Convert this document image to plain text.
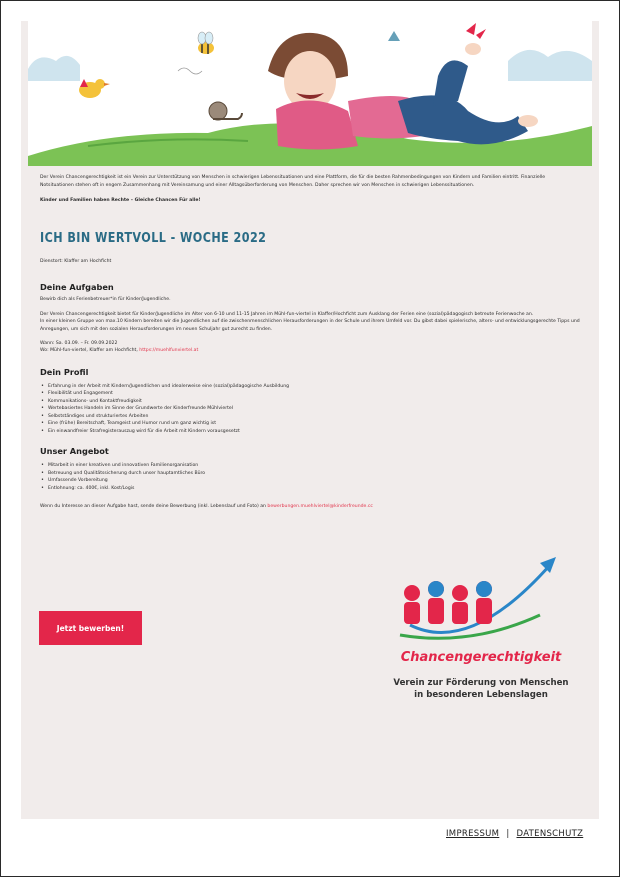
Der Verein Chancengerechtigkeit ist ein Verein zur Unterstützung von Menschen in schwierigen Lebenssituationen und eine Plattform, die für die besten Rahmenbedingungen von Kindern und Familien eintritt. Finanzielle Notsituationen stehen oft in engem Zusammenhang mit Vereinsamung und einer Alltagsüberforderung von Menschen. Daher sprechen wir von Menschen in schwierigen Lebenssituationen.

Kinder und Familien haben Rechte – Gleiche Chancen Für alle!

ICH BIN WERTVOLL - WOCHE 2022

Dienstort: Klaffer am Hochficht

Deine Aufgaben

Bewirb dich als Ferienbetreuer*in für Kinder/Jugendliche.

Der Verein Chancengerechtigkeit bietet für Kinder/Jugendliche im Alter von 6-10 und 11-15 Jahren im Mühl-fun-viertel in Klaffer/Hochficht zum Ausklang der Ferien eine (sozial)pädagogisch betreute Ferienwoche an.

In einer kleinen Gruppe von max.10 Kindern bereiten wir die Jugendlichen auf die zwischenmenschlichen Herausforderungen in der Schule und ihrem Umfeld vor. Du gibst dabei spielerische, alters- und entwicklungsgerechte Tipps und Anregungen, um sich mit den sozialen Herausforderungen im neuen Schuljahr gut zurecht zu finden.

Wann: Sa. 03.09. – Fr. 09.09.2022

Wo: Mühl-fun-viertel, Klaffer am Hochficht, https://muehlfunviertel.at

Dein Profil
• Erfahrung in der Arbeit mit Kindern/Jugendlichen und idealerweise eine (sozial)pädagogische Ausbildung
• Flexibilität und Engagement
• Kommunikations- und Kontaktfreudigkeit
• Wertebasiertes Handeln im Sinne der Grundwerte der Kinderfreunde Mühlviertel
• Selbstständiges und strukturiertes Arbeiten
• Eine (frühe) Bereitschaft, Teamgeist und Humor rund um ganz wichtig ist
• Ein einwandfreier Strafregisterauszug wird für die Arbeit mit Kindern vorausgesetzt
Unser Angebot
• Mitarbeit in einer kreativen und innovativen Familienorganisation
• Betreuung und Qualitätssicherung durch unser hauptamtliches Büro
• Umfassende Vorbereitung
• Entlohnung: ca. 400€, inkl. Kost/Logis

Wenn du Interesse an dieser Aufgabe hast, sende deine Bewerbung (inkl. Lebenslauf und Foto) an bewerbungen.muehlviertel@kinderfreunde.cc

Jetzt bewerben!
Chancengerechtigkeit
Verein zur Förderung von Menschen
in besonderen Lebenslagen
IMPRESSUM | DATENSCHUTZ
